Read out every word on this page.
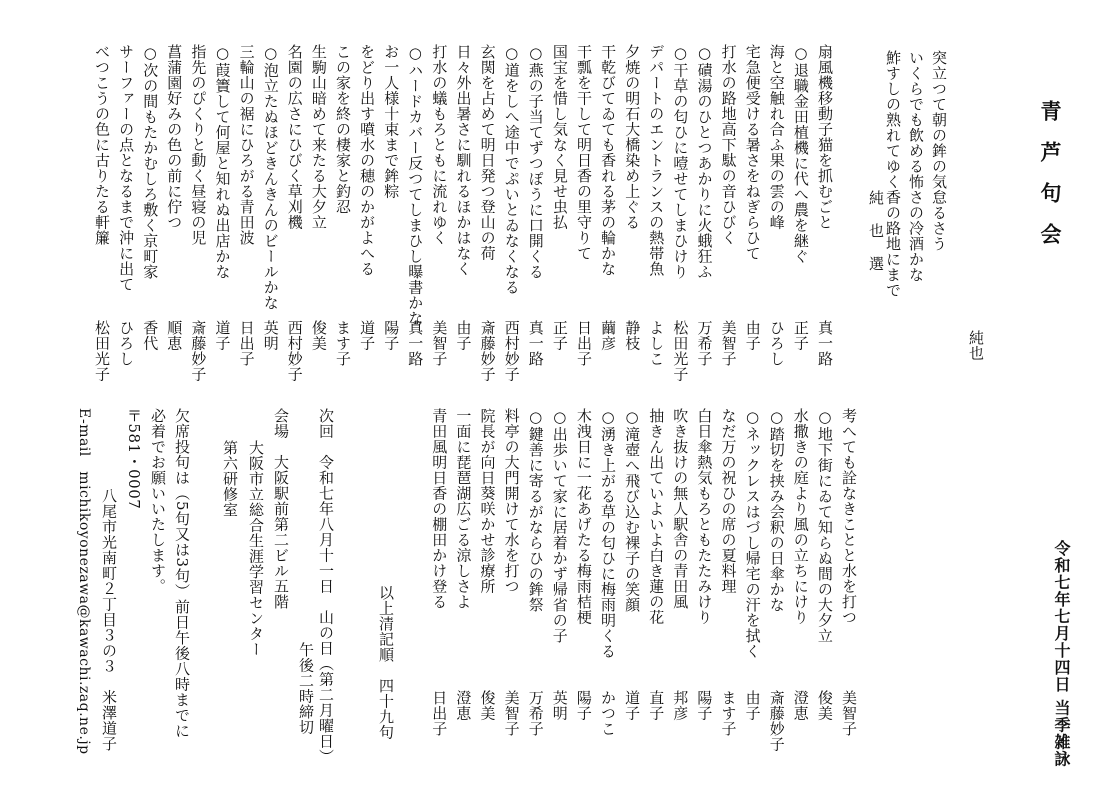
青芦句会
令和七年七月十四日 当季雑詠
突立つて朝の鉾の気怠るさう
いくらでも飲める怖さの冷酒かな
鮓すしの熟れてゆく香の路地にまで
純也
純也選
扇風機移動子猫を抓むごと
真一路
○退職金田植機に代へ農を継ぐ
正子
海と空触れ合ふ果の雲の峰
ひろし
宅急便受ける暑さをねぎらひて
由子
打水の路地高下駄の音ひびく
美智子
○磧湯のひとつあかりに火蛾狂ふ
万希子
○干草の匂ひに噎せてしまひけり
松田光子
デパートのエントランスの熱帯魚
よしこ
夕焼の明石大橋染め上ぐる
静枝
干乾びてゐても香れる茅の輪かな
繭彦
干瓢を干して明日香の里守りて
日出子
国宝を惜し気なく見せ虫払
正子
○燕の子当てずつぽうに口開くる
真一路
○道をしへ途中でぷいとゐなくなる
西村妙子
玄関を占めて明日発つ登山の荷
斎藤妙子
日々外出暑さに馴れるほかはなく
由子
打水の蟻もろともに流れゆく
美智子
○ハードカバー反つてしまひし曝書かな
真一路
お一人様十束まで鉾粽
陽子
をどり出す噴水の穂のかがよへる
道子
この家を終の棲家と釣忍
ます子
生駒山暗めて来たる大夕立
俊美
名園の広さにひびく草刈機
西村妙子
○泡立たぬほどきんきんのビールかな
英明
三輪山の裾にひろがる青田波
日出子
○葭簀して何屋と知れぬ出店かな
道子
指先のぴくりと動く昼寝の児
斎藤妙子
菖蒲園好みの色の前に佇つ
順恵
○次の間もたかむしろ敷く京町家
香代
サーファーの点となるまで沖に出て
ひろし
べつこうの色に古りたる軒簾
松田光子
考へても詮なきことと水を打つ
美智子
○地下街にゐて知らぬ間の大夕立
俊美
水撒きの庭より風の立ちにけり
澄恵
○踏切を挟み会釈の日傘かな
斎藤妙子
○ネックレスはづし帰宅の汗を拭く
由子
なだ万の祝ひの席の夏料理
ます子
白日傘熱気もろともたたみけり
陽子
吹き抜けの無人駅舎の青田風
邦彦
抽きん出ていよいよ白き蓮の花
直子
○滝壺へ飛び込む裸子の笑顔
道子
○湧き上がる草の匂ひに梅雨明くる
かつこ
木洩日に一花あげたる梅雨桔梗
陽子
○出歩いて家に居着かず帰省の子
英明
○鍵善に寄るがならひの鉾祭
万希子
料亭の大門開けて水を打つ
美智子
院長が向日葵咲かせ診療所
俊美
一面に琵琶湖広ごる涼しさよ
澄恵
青田風明日香の棚田かけ登る
日出子
以上清記順　四十九句
次回　令和七年八月十一日　山の日（第二月曜日）
午後二時締切
会場　大阪駅前第二ビル五階
大阪市立総合生涯学習センター
第六研修室
欠席投句は（5句又は3句）前日午後八時までに
必着でお願いいたします。
〒581・0007
八尾市光南町２丁目３の３　米澤道子
E-mail　michikoyonezawa@kawachi.zaq.ne.jp
